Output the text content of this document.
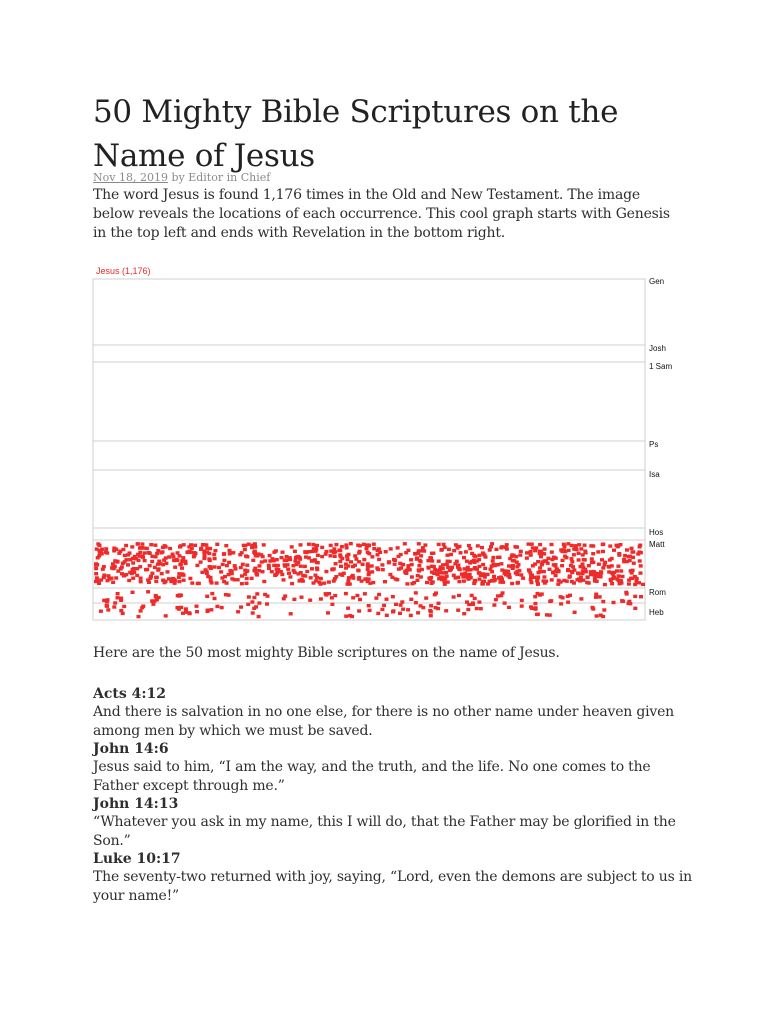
50 Mighty Bible Scriptures on the Name of Jesus
Nov 18, 2019 by Editor in Chief

The word Jesus is found 1,176 times in the Old and New Testament. The image below reveals the locations of each occurrence. This cool graph starts with Genesis in the top left and ends with Revelation in the bottom right.

Jesus (1,176)
Gen
Josh
1 Sam
Ps
Isa
Hos
Matt
Rom
Heb

Here are the 50 most mighty Bible scriptures on the name of Jesus.

Acts 4:12

And there is salvation in no one else, for there is no other name under heaven given among men by which we must be saved.

John 14:6

Jesus said to him, “I am the way, and the truth, and the life. No one comes to the Father except through me.”

John 14:13

“Whatever you ask in my name, this I will do, that the Father may be glorified in the Son.”

Luke 10:17

The seventy-two returned with joy, saying, “Lord, even the demons are subject to us in your name!”
